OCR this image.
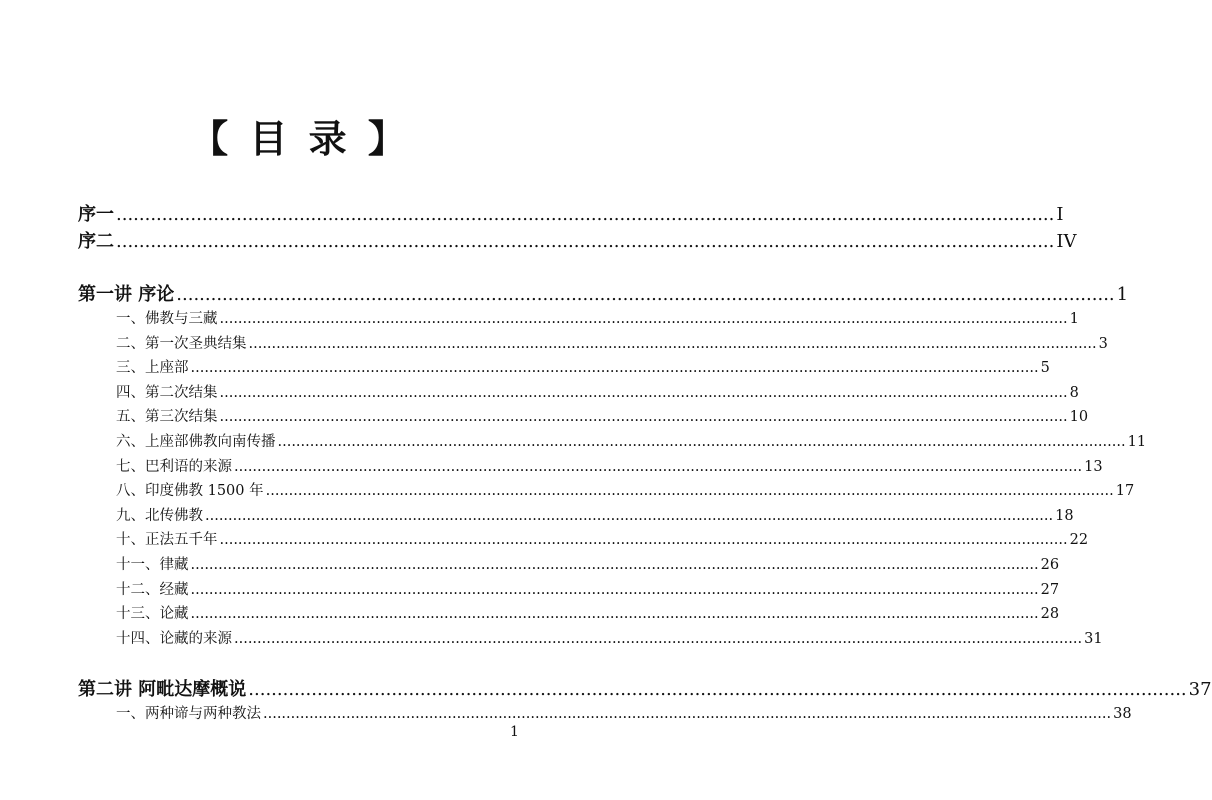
【 目 录 】
序一 .................................................................................................................................................................... I
序二 .................................................................................................................................................................... IV
第一讲 序论 .................................................................................................................................................................... 1
一、佛教与三藏 ........................................................................................................................................................................................ 1
二、第一次圣典结集 ........................................................................................................................................................................................ 3
三、上座部 ........................................................................................................................................................................................ 5
四、第二次结集 ........................................................................................................................................................................................ 8
五、第三次结集 ........................................................................................................................................................................................ 10
六、上座部佛教向南传播 ........................................................................................................................................................................................ 11
七、巴利语的来源 ........................................................................................................................................................................................ 13
八、印度佛教 1500 年 ........................................................................................................................................................................................ 17
九、北传佛教 ........................................................................................................................................................................................ 18
十、正法五千年 ........................................................................................................................................................................................ 22
十一、律藏 ........................................................................................................................................................................................ 26
十二、经藏 ........................................................................................................................................................................................ 27
十三、论藏 ........................................................................................................................................................................................ 28
十四、论藏的来源 ........................................................................................................................................................................................ 31
第二讲 阿毗达摩概说 .................................................................................................................................................................... 37
一、两种谛与两种教法 ........................................................................................................................................................................................ 38
1
